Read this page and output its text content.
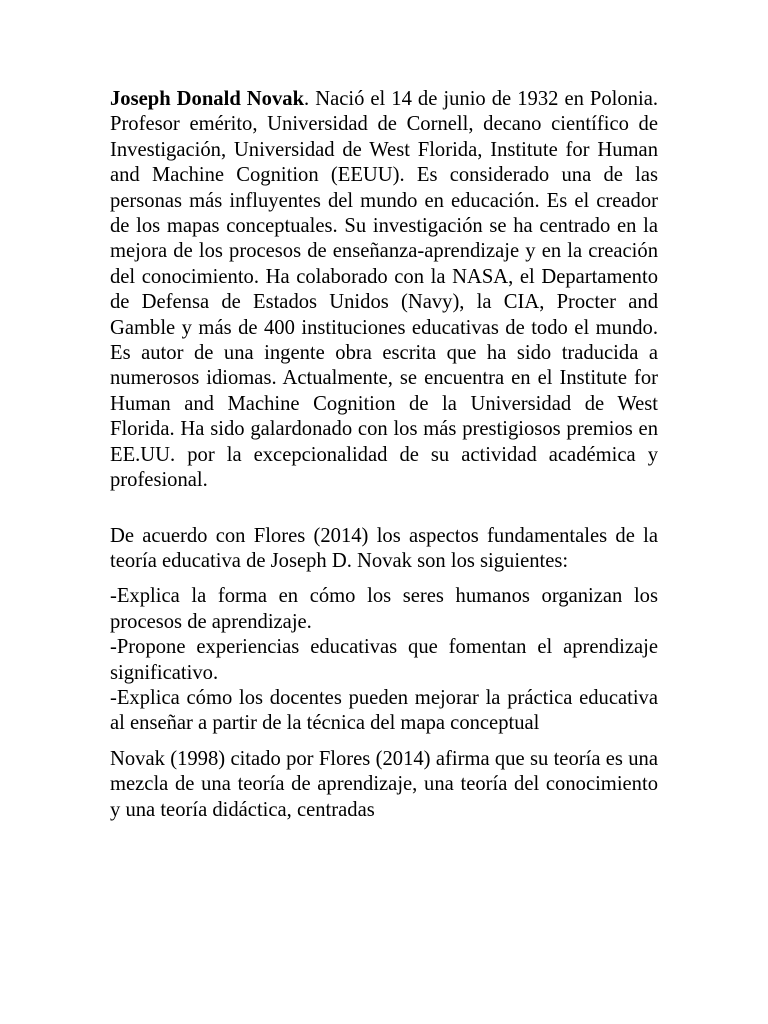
Joseph Donald Novak. Nació el 14 de junio de 1932 en Polonia. Profesor emérito, Universidad de Cornell, decano científico de Investigación, Universidad de West Florida, Institute for Human and Machine Cognition (EEUU). Es considerado una de las personas más influyentes del mundo en educación. Es el creador de los mapas conceptuales. Su investigación se ha centrado en la mejora de los procesos de enseñanza-aprendizaje y en la creación del conocimiento. Ha colaborado con la NASA, el Departamento de Defensa de Estados Unidos (Navy), la CIA, Procter and Gamble y más de 400 instituciones educativas de todo el mundo. Es autor de una ingente obra escrita que ha sido traducida a numerosos idiomas. Actualmente, se encuentra en el Institute for Human and Machine Cognition de la Universidad de West Florida. Ha sido galardonado con los más prestigiosos premios en EE.UU. por la excepcionalidad de su actividad académica y profesional.

De acuerdo con Flores (2014) los aspectos fundamentales de la teoría educativa de Joseph D. Novak son los siguientes:

-Explica la forma en cómo los seres humanos organizan los procesos de aprendizaje.

-Propone experiencias educativas que fomentan el aprendizaje significativo.

-Explica cómo los docentes pueden mejorar la práctica educativa al enseñar a partir de la técnica del mapa conceptual

Novak (1998) citado por Flores (2014) afirma que su teoría es una mezcla de una teoría de aprendizaje, una teoría del conocimiento y una teoría didáctica, centradas
